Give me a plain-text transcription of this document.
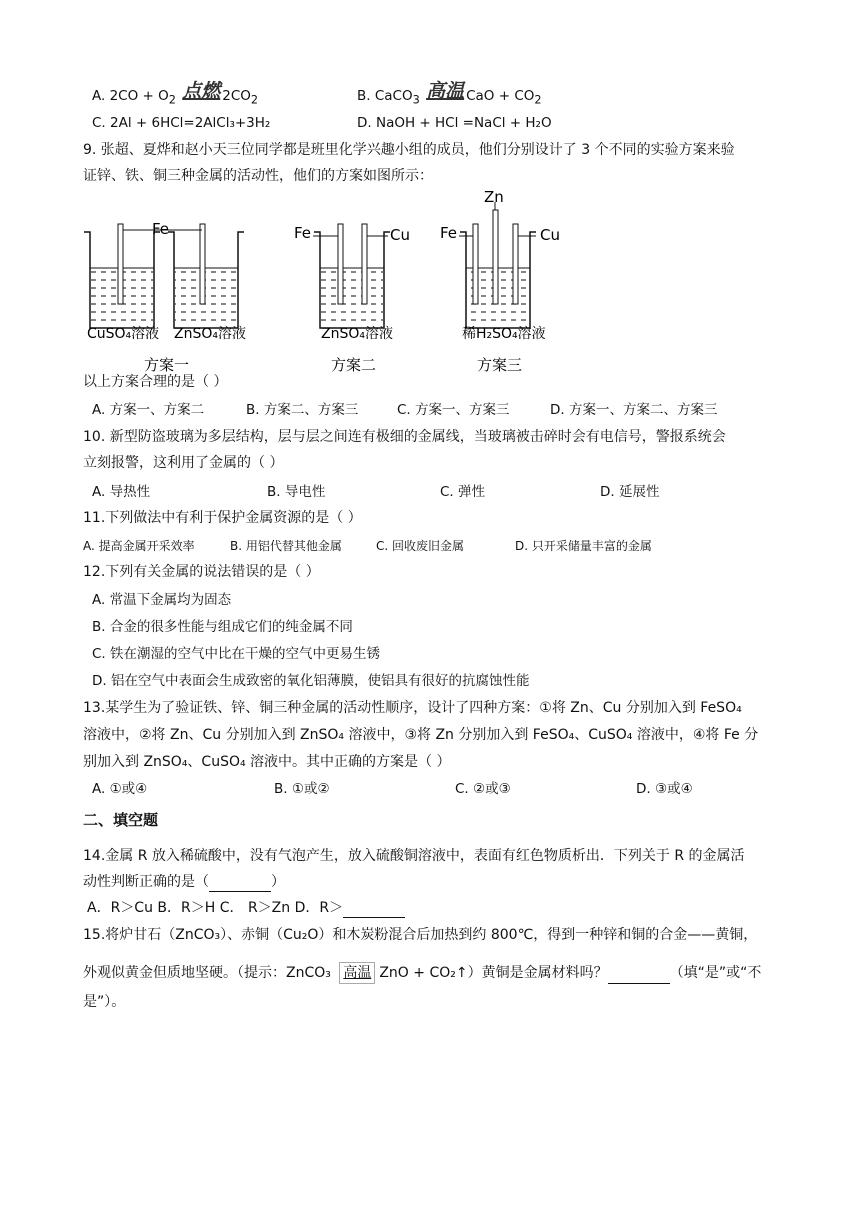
A. $2CO + O_2$ 点燃 $2CO_2$	B. CaCO$_3$ 高温 CaO + $CO_2$
C. 2Al + 6HCl=2AlCl₃+3H₂	D. NaOH + HCl =NaCl + H₂O
9. 张超、夏烨和赵小天三位同学都是班里化学兴趣小组的成员，他们分别设计了 3 个不同的实验方案来验
证锌、铁、铜三种金属的活动性，他们的方案如图所示：
Fe	Fe	Cu
Zn
Fe	Cu
CuSO₄溶液 ZnSO₄溶液	ZnSO₄溶液	稀H₂SO₄溶液
方案一	方案二	方案三
以上方案合理的是（ ）
A. 方案一、方案二	B. 方案二、方案三	C. 方案一、方案三	D. 方案一、方案二、方案三
10. 新型防盗玻璃为多层结构，层与层之间连有极细的金属线，当玻璃被击碎时会有电信号，警报系统会
立刻报警，这利用了金属的（ ）
A. 导热性	B. 导电性	C. 弹性	D. 延展性
11.下列做法中有利于保护金属资源的是（ ）
A. 提高金属开采效率	B. 用铝代替其他金属	C. 回收废旧金属	D. 只开采储量丰富的金属
12.下列有关金属的说法错误的是（ ）
A. 常温下金属均为固态
B. 合金的很多性能与组成它们的纯金属不同
C. 铁在潮湿的空气中比在干燥的空气中更易生锈
D. 铝在空气中表面会生成致密的氧化铝薄膜，使铝具有很好的抗腐蚀性能
13.某学生为了验证铁、锌、铜三种金属的活动性顺序，设计了四种方案：①将 Zn、Cu 分别加入到 FeSO₄
溶液中，②将 Zn、Cu 分别加入到 ZnSO₄ 溶液中，③将 Zn 分别加入到 FeSO₄、CuSO₄ 溶液中，④将 Fe 分
别加入到 ZnSO₄、CuSO₄ 溶液中。其中正确的方案是（ ）
A. ①或④	B. ①或②	C. ②或③	D. ③或④
二、填空题
14.金属 R 放入稀硫酸中，没有气泡产生，放入硫酸铜溶液中，表面有红色物质析出．下列关于 R 的金属活
动性判断正确的是（	）
A．R＞Cu B．R＞H C． R＞Zn D．R＞
15.将炉甘石（ZnCO₃）、赤铜（Cu₂O）和木炭粉混合后加热到约 800℃，得到一种锌和铜的合金——黄铜，
外观似黄金但质地坚硬。（提示：ZnCO₃ 高温 ZnO + CO₂↑）黄铜是金属材料吗？	（填“是”或“不
是”）。
